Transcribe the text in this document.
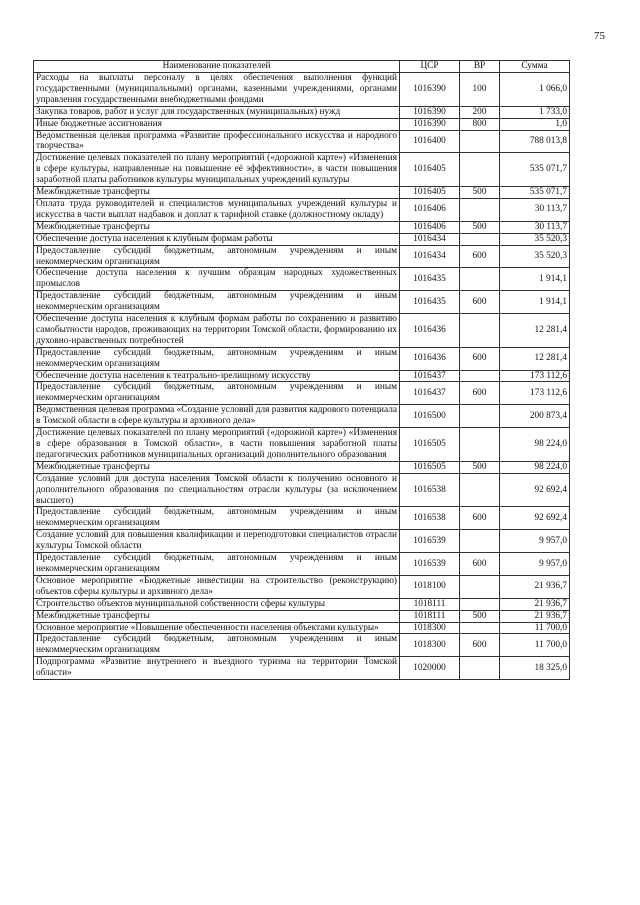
75
Наименование показателей	ЦСР	ВР	Сумма
Расходы на выплаты персоналу в целях обеспечения выполнения функций государственными (муниципальными) органами, казенными учреждениями, органами управления государственными внебюджетными фондами	1016390	100	1 066,0
Закупка товаров, работ и услуг для государственных (муниципальных) нужд	1016390	200	1 733,0
Иные бюджетные ассигнования	1016390	800	1,0
Ведомственная целевая программа «Развитие профессионального искусства и народного творчества»	1016400		788 013,8
Достижение целевых показателей по плану мероприятий («дорожной карте») «Изменения в сфере культуры, направленные на повышение её эффективности», в части повышения заработной платы работников культуры муниципальных учреждений культуры	1016405		535 071,7
Межбюджетные трансферты	1016405	500	535 071,7
Оплата труда руководителей и специалистов муниципальных учреждений культуры и искусства в части выплат надбавок и доплат к тарифной ставке (должностному окладу)	1016406		30 113,7
Межбюджетные трансферты	1016406	500	30 113,7
Обеспечение доступа населения к клубным формам работы	1016434		35 520,3
Предоставление субсидий бюджетным, автономным учреждениям и иным некоммерческим организациям	1016434	600	35 520,3
Обеспечение доступа населения к лучшим образцам народных художественных промыслов	1016435		1 914,1
Предоставление субсидий бюджетным, автономным учреждениям и иным некоммерческим организациям	1016435	600	1 914,1
Обеспечение доступа населения к клубным формам работы по сохранению и развитию самобытности народов, проживающих на территории Томской области, формированию их духовно-нравственных потребностей	1016436		12 281,4
Предоставление субсидий бюджетным, автономным учреждениям и иным некоммерческим организациям	1016436	600	12 281,4
Обеспечение доступа населения к театрально-зрелищному искусству	1016437		173 112,6
Предоставление субсидий бюджетным, автономным учреждениям и иным некоммерческим организациям	1016437	600	173 112,6
Ведомственная целевая программа «Создание условий для развития кадрового потенциала в Томской области в сфере культуры и архивного дела»	1016500		200 873,4
Достижение целевых показателей по плану мероприятий («дорожной карте») «Изменения в сфере образования в Томской области», в части повышения заработной платы педагогических работников муниципальных организаций дополнительного образования	1016505		98 224,0
Межбюджетные трансферты	1016505	500	98 224,0
Создание условий для доступа населения Томской области к получению основного и дополнительного образования по специальностям отрасли культуры (за исключением высшего)	1016538		92 692,4
Предоставление субсидий бюджетным, автономным учреждениям и иным некоммерческим организациям	1016538	600	92 692,4
Создание условий для повышения квалификации и переподготовки специалистов отрасли культуры Томской области	1016539		9 957,0
Предоставление субсидий бюджетным, автономным учреждениям и иным некоммерческим организациям	1016539	600	9 957,0
Основное мероприятие «Бюджетные инвестиции на строительство (реконструкцию) объектов сферы культуры и архивного дела»	1018100		21 936,7
Строительство объектов муниципальной собственности сферы культуры	1018111		21 936,7
Межбюджетные трансферты	1018111	500	21 936,7
Основное мероприятие «Повышение обеспеченности населения объектами культуры»	1018300		11 700,0
Предоставление субсидий бюджетным, автономным учреждениям и иным некоммерческим организациям	1018300	600	11 700,0
Подпрограмма «Развитие внутреннего и въездного туризма на территории Томской области»	1020000		18 325,0
